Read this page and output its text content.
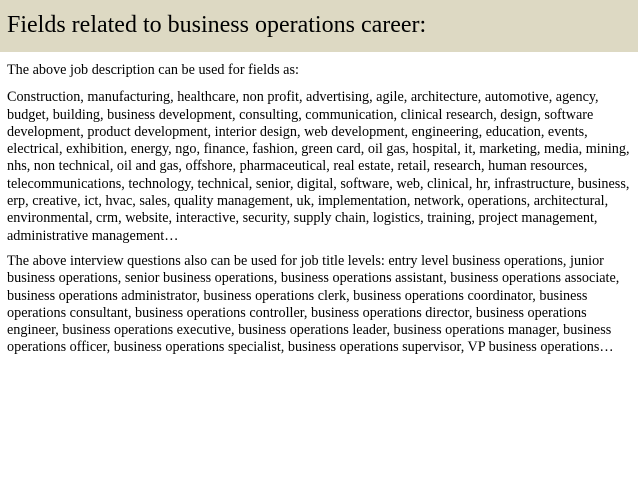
Fields related to business operations career:

The above job description can be used for fields as:

Construction, manufacturing, healthcare, non profit, advertising, agile, architecture, automotive, agency, budget, building, business development, consulting, communication, clinical research, design, software development, product development, interior design, web development, engineering, education, events, electrical, exhibition, energy, ngo, finance, fashion, green card, oil gas, hospital, it, marketing, media, mining, nhs, non technical, oil and gas, offshore, pharmaceutical, real estate, retail, research, human resources, telecommunications, technology, technical, senior, digital, software, web, clinical, hr, infrastructure, business, erp, creative, ict, hvac, sales, quality management, uk, implementation, network, operations, architectural, environmental, crm, website, interactive, security, supply chain, logistics, training, project management, administrative management…

The above interview questions also can be used for job title levels: entry level business operations, junior business operations, senior business operations, business operations assistant, business operations associate, business operations administrator, business operations clerk, business operations coordinator, business operations consultant, business operations controller, business operations director, business operations engineer, business operations executive, business operations leader, business operations manager, business operations officer, business operations specialist, business operations supervisor, VP business operations…
